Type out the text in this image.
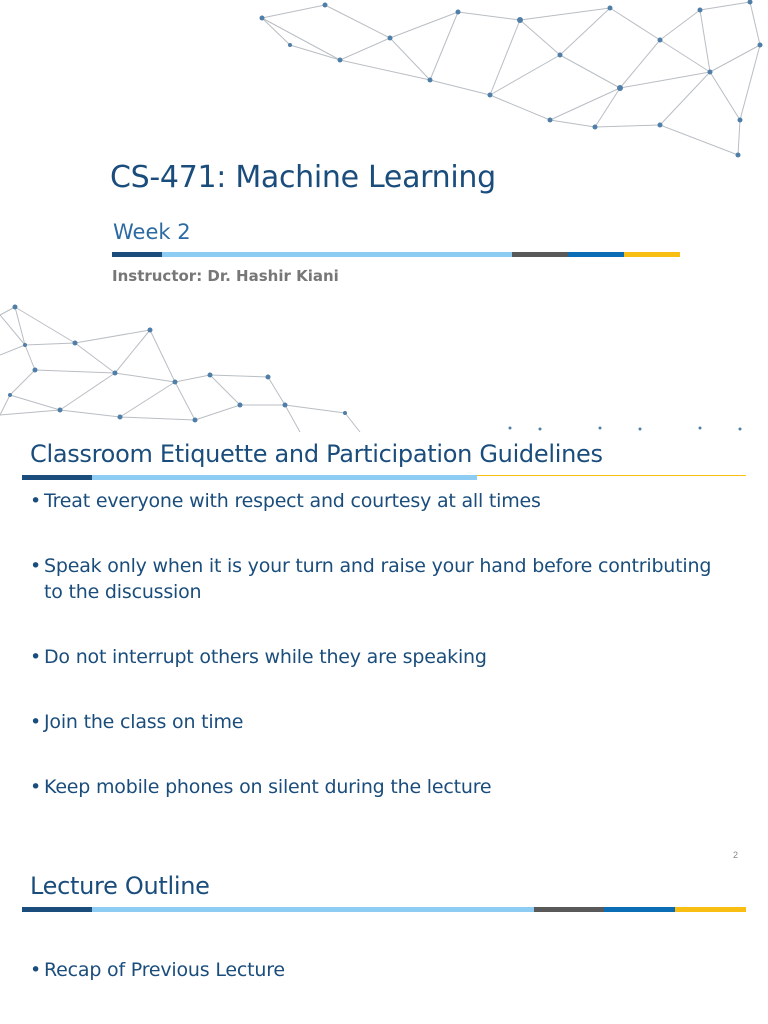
CS-471: Machine Learning

Week 2

Instructor: Dr. Hashir Kiani

Classroom Etiquette and Participation Guidelines
• Treat everyone with respect and courtesy at all times
• Speak only when it is your turn and raise your hand before contributing to the discussion
• Do not interrupt others while they are speaking
• Join the class on time
• Keep mobile phones on silent during the lecture

2

Lecture Outline
• Recap of Previous Lecture
